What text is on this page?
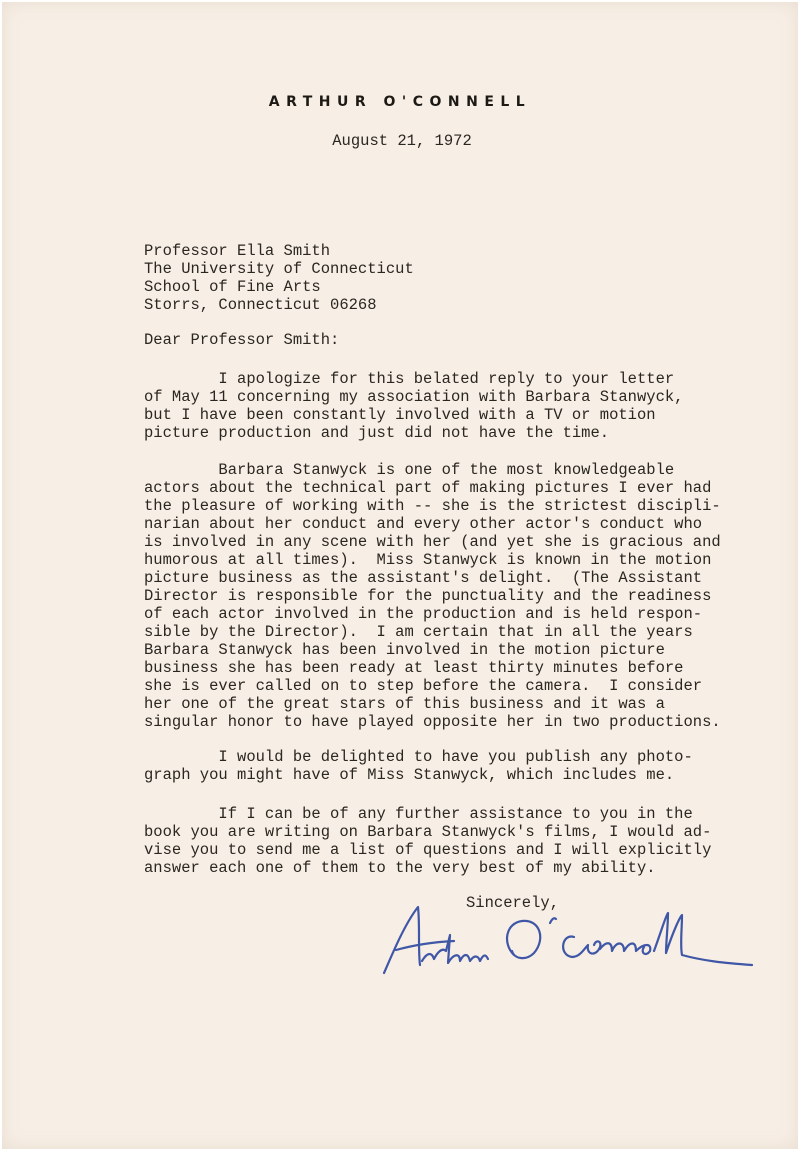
ARTHUR O'CONNELL
August 21, 1972
Professor Ella Smith
The University of Connecticut
School of Fine Arts
Storrs, Connecticut 06268
Dear Professor Smith:
I apologize for this belated reply to your letter
of May 11 concerning my association with Barbara Stanwyck,
but I have been constantly involved with a TV or motion
picture production and just did not have the time.
Barbara Stanwyck is one of the most knowledgeable
actors about the technical part of making pictures I ever had
the pleasure of working with -- she is the strictest discipli-
narian about her conduct and every other actor's conduct who
is involved in any scene with her (and yet she is gracious and
humorous at all times).  Miss Stanwyck is known in the motion
picture business as the assistant's delight.  (The Assistant
Director is responsible for the punctuality and the readiness
of each actor involved in the production and is held respon-
sible by the Director).  I am certain that in all the years
Barbara Stanwyck has been involved in the motion picture
business she has been ready at least thirty minutes before
she is ever called on to step before the camera.  I consider
her one of the great stars of this business and it was a
singular honor to have played opposite her in two productions.
I would be delighted to have you publish any photo-
graph you might have of Miss Stanwyck, which includes me.
If I can be of any further assistance to you in the
book you are writing on Barbara Stanwyck's films, I would ad-
vise you to send me a list of questions and I will explicitly
answer each one of them to the very best of my ability.
Sincerely,
